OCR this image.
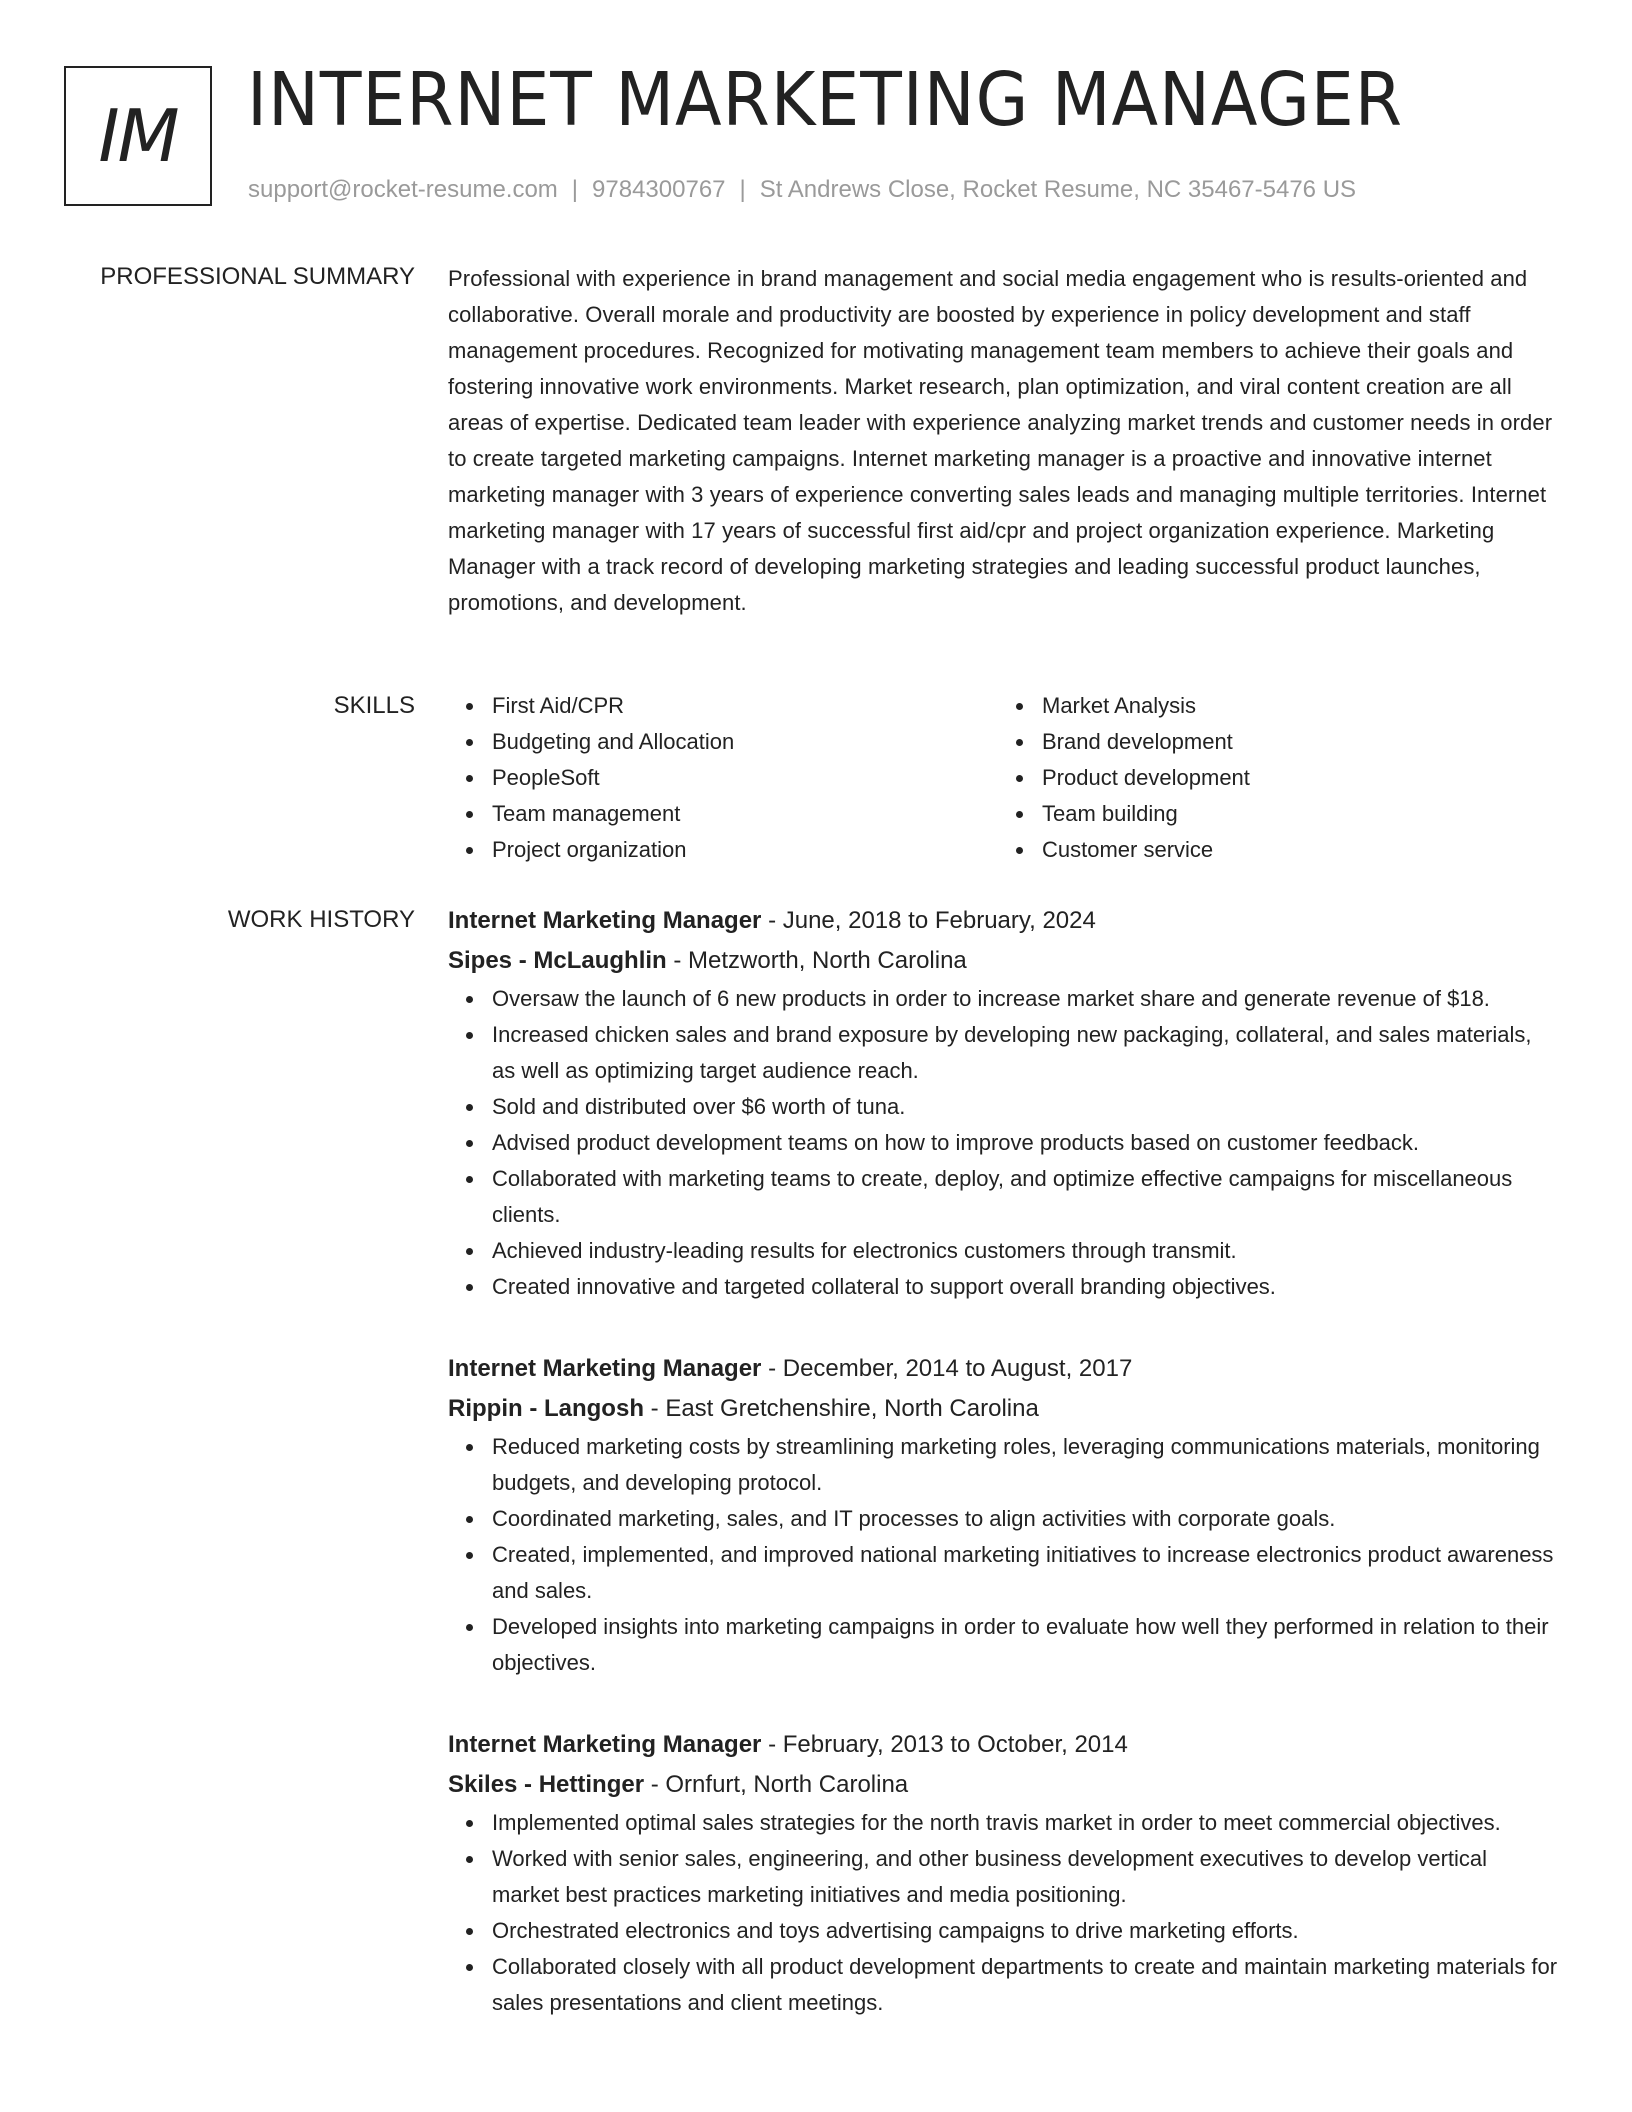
IM INTERNET MARKETING MANAGER
support@rocket-resume.com | 9784300767 | St Andrews Close, Rocket Resume, NC 35467-5476 US
PROFESSIONAL SUMMARY Professional with experience in brand management and social media engagement who is results-oriented and collaborative. Overall morale and productivity are boosted by experience in policy development and staff management procedures. Recognized for motivating management team members to achieve their goals and fostering innovative work environments. Market research, plan optimization, and viral content creation are all areas of expertise. Dedicated team leader with experience analyzing market trends and customer needs in order to create targeted marketing campaigns. Internet marketing manager is a proactive and innovative internet marketing manager with 3 years of experience converting sales leads and managing multiple territories. Internet marketing manager with 17 years of successful first aid/cpr and project organization experience. Marketing Manager with a track record of developing marketing strategies and leading successful product launches, promotions, and development.

SKILLS	First Aid/CPR
Budgeting and Allocation
PeopleSoft
Team management
Project organization
Market Analysis
Brand development
Product development
Team building
Customer service
WORK HISTORY Internet Marketing Manager - June, 2018 to February, 2024
Sipes - McLaughlin - Metzworth, North Carolina
Oversaw the launch of 6 new products in order to increase market share and generate revenue of $18.
Increased chicken sales and brand exposure by developing new packaging, collateral, and sales materials, as well as optimizing target audience reach.
Sold and distributed over $6 worth of tuna.
Advised product development teams on how to improve products based on customer feedback.
Collaborated with marketing teams to create, deploy, and optimize effective campaigns for miscellaneous clients.
Achieved industry-leading results for electronics customers through transmit.
Created innovative and targeted collateral to support overall branding objectives.
Internet Marketing Manager - December, 2014 to August, 2017
Rippin - Langosh - East Gretchenshire, North Carolina
Reduced marketing costs by streamlining marketing roles, leveraging communications materials, monitoring budgets, and developing protocol.
Coordinated marketing, sales, and IT processes to align activities with corporate goals.
Created, implemented, and improved national marketing initiatives to increase electronics product awareness and sales.
Developed insights into marketing campaigns in order to evaluate how well they performed in relation to their objectives.
Internet Marketing Manager - February, 2013 to October, 2014
Skiles - Hettinger - Ornfurt, North Carolina
Implemented optimal sales strategies for the north travis market in order to meet commercial objectives.
Worked with senior sales, engineering, and other business development executives to develop vertical market best practices marketing initiatives and media positioning.
Orchestrated electronics and toys advertising campaigns to drive marketing efforts.
Collaborated closely with all product development departments to create and maintain marketing materials for sales presentations and client meetings.
